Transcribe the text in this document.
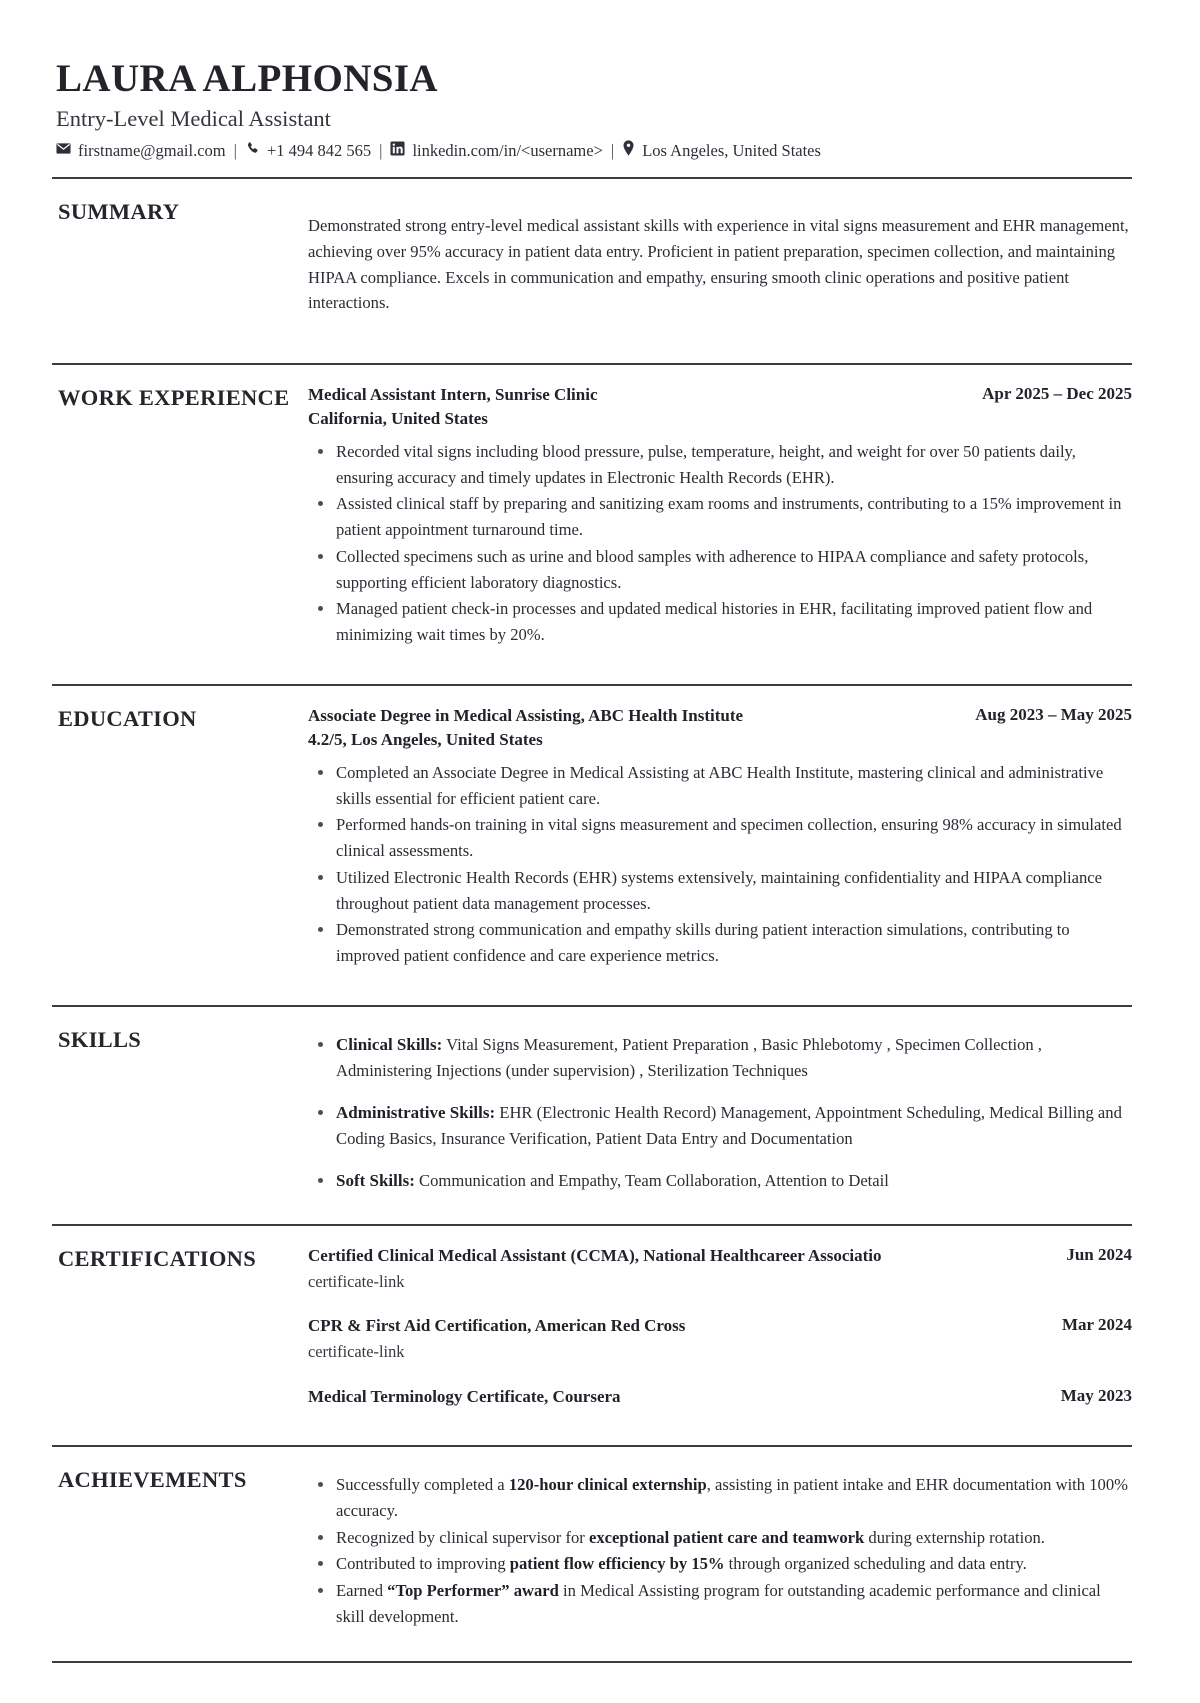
LAURA ALPHONSIA
Entry-Level Medical Assistant
firstname@gmail.com | +1 494 842 565 | linkedin.com/in/<username> | Los Angeles, United States
SUMMARY

Demonstrated strong entry-level medical assistant skills with experience in vital signs measurement and EHR management, achieving over 95% accuracy in patient data entry. Proficient in patient preparation, specimen collection, and maintaining HIPAA compliance. Excels in communication and empathy, ensuring smooth clinic operations and positive patient interactions.

WORK EXPERIENCE	Medical Assistant Intern, Sunrise Clinic	Apr 2025 – Dec 2025
California, United States
Recorded vital signs including blood pressure, pulse, temperature, height, and weight for over 50 patients daily, ensuring accuracy and timely updates in Electronic Health Records (EHR).
Assisted clinical staff by preparing and sanitizing exam rooms and instruments, contributing to a 15% improvement in patient appointment turnaround time.
Collected specimens such as urine and blood samples with adherence to HIPAA compliance and safety protocols, supporting efficient laboratory diagnostics.
Managed patient check-in processes and updated medical histories in EHR, facilitating improved patient flow and minimizing wait times by 20%.
EDUCATION	Associate Degree in Medical Assisting, ABC Health Institute	Aug 2023 – May 2025
4.2/5, Los Angeles, United States
Completed an Associate Degree in Medical Assisting at ABC Health Institute, mastering clinical and administrative skills essential for efficient patient care.
Performed hands-on training in vital signs measurement and specimen collection, ensuring 98% accuracy in simulated clinical assessments.
Utilized Electronic Health Records (EHR) systems extensively, maintaining confidentiality and HIPAA compliance throughout patient data management processes.
Demonstrated strong communication and empathy skills during patient interaction simulations, contributing to improved patient confidence and care experience metrics.
SKILLS	Clinical Skills: Vital Signs Measurement, Patient Preparation , Basic Phlebotomy , Specimen Collection , Administering Injections (under supervision) , Sterilization Techniques
Administrative Skills: EHR (Electronic Health Record) Management, Appointment Scheduling, Medical Billing and Coding Basics, Insurance Verification, Patient Data Entry and Documentation
Soft Skills: Communication and Empathy, Team Collaboration, Attention to Detail
CERTIFICATIONS	Certified Clinical Medical Assistant (CCMA), National Healthcareer Associatio	Jun 2024
certificate-link
CPR & First Aid Certification, American Red Cross	Mar 2024
certificate-link
Medical Terminology Certificate, Coursera	May 2023
ACHIEVEMENTS	Successfully completed a 120-hour clinical externship, assisting in patient intake and EHR documentation with 100% accuracy.
Recognized by clinical supervisor for exceptional patient care and teamwork during externship rotation.
Contributed to improving patient flow efficiency by 15% through organized scheduling and data entry.
Earned “Top Performer” award in Medical Assisting program for outstanding academic performance and clinical skill development.
